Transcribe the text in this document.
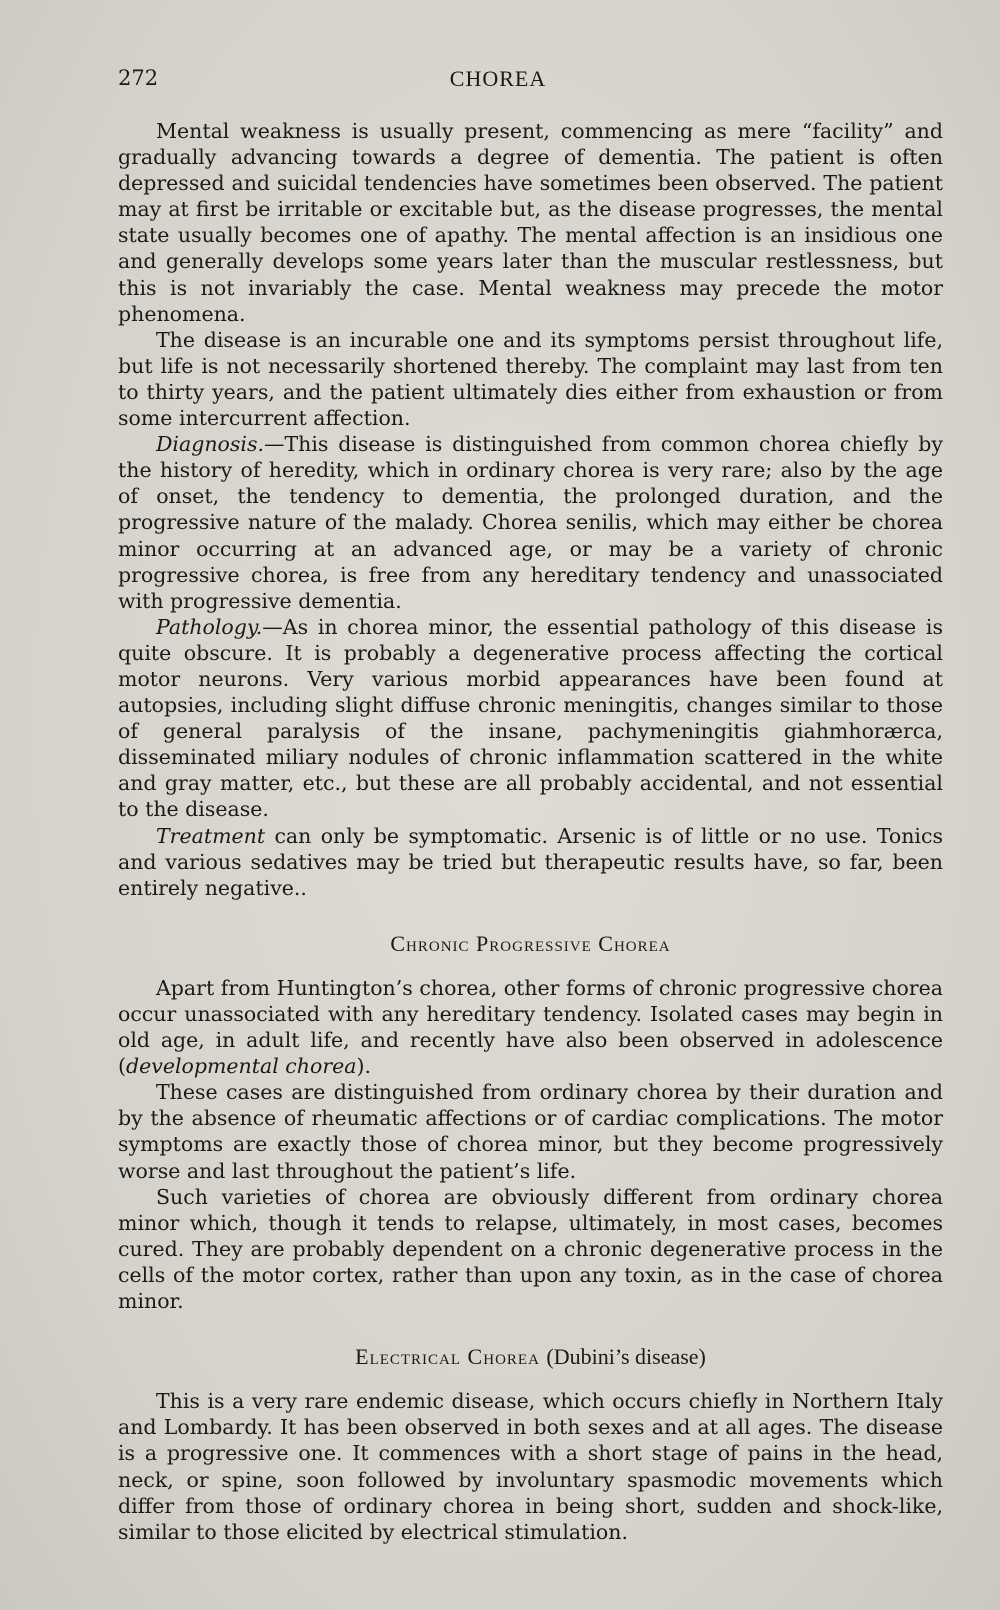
272	CHOREA

Mental weakness is usually present, commencing as mere “facility” and gradually advancing towards a degree of dementia. The patient is often depressed and suicidal tendencies have sometimes been observed. The patient may at first be irritable or excitable but, as the disease progresses, the mental state usually becomes one of apathy. The mental affection is an insidious one and generally develops some years later than the muscular restlessness, but this is not invariably the case. Mental weakness may precede the motor phenomena.

The disease is an incurable one and its symptoms persist throughout life, but life is not necessarily shortened thereby. The complaint may last from ten to thirty years, and the patient ultimately dies either from exhaustion or from some intercurrent affection.

Diagnosis.—This disease is distinguished from common chorea chiefly by the history of heredity, which in ordinary chorea is very rare; also by the age of onset, the tendency to dementia, the prolonged duration, and the progressive nature of the malady. Chorea senilis, which may either be chorea minor occurring at an advanced age, or may be a variety of chronic progressive chorea, is free from any hereditary tendency and unassociated with progressive dementia.

Pathology.—As in chorea minor, the essential pathology of this disease is quite obscure. It is probably a degenerative process affecting the cortical motor neurons. Very various morbid appearances have been found at autopsies, including slight diffuse chronic meningitis, changes similar to those of general paralysis of the insane, pachymeningitis giahmhorærca, disseminated miliary nodules of chronic inflammation scattered in the white and gray matter, etc., but these are all probably accidental, and not essential to the disease.

Treatment can only be symptomatic. Arsenic is of little or no use. Tonics and various sedatives may be tried but therapeutic results have, so far, been entirely negative..

Chronic Progressive Chorea

Apart from Huntington’s chorea, other forms of chronic progressive chorea occur unassociated with any hereditary tendency. Isolated cases may begin in old age, in adult life, and recently have also been observed in adolescence (developmental chorea).

These cases are distinguished from ordinary chorea by their duration and by the absence of rheumatic affections or of cardiac complications. The motor symptoms are exactly those of chorea minor, but they become progressively worse and last throughout the patient’s life.

Such varieties of chorea are obviously different from ordinary chorea minor which, though it tends to relapse, ultimately, in most cases, becomes cured. They are probably dependent on a chronic degenerative process in the cells of the motor cortex, rather than upon any toxin, as in the case of chorea minor.

Electrical Chorea (Dubini’s disease)

This is a very rare endemic disease, which occurs chiefly in Northern Italy and Lombardy. It has been observed in both sexes and at all ages. The disease is a progressive one. It commences with a short stage of pains in the head, neck, or spine, soon followed by involuntary spasmodic movements which differ from those of ordinary chorea in being short, sudden and shock-like, similar to those elicited by electrical stimulation.
